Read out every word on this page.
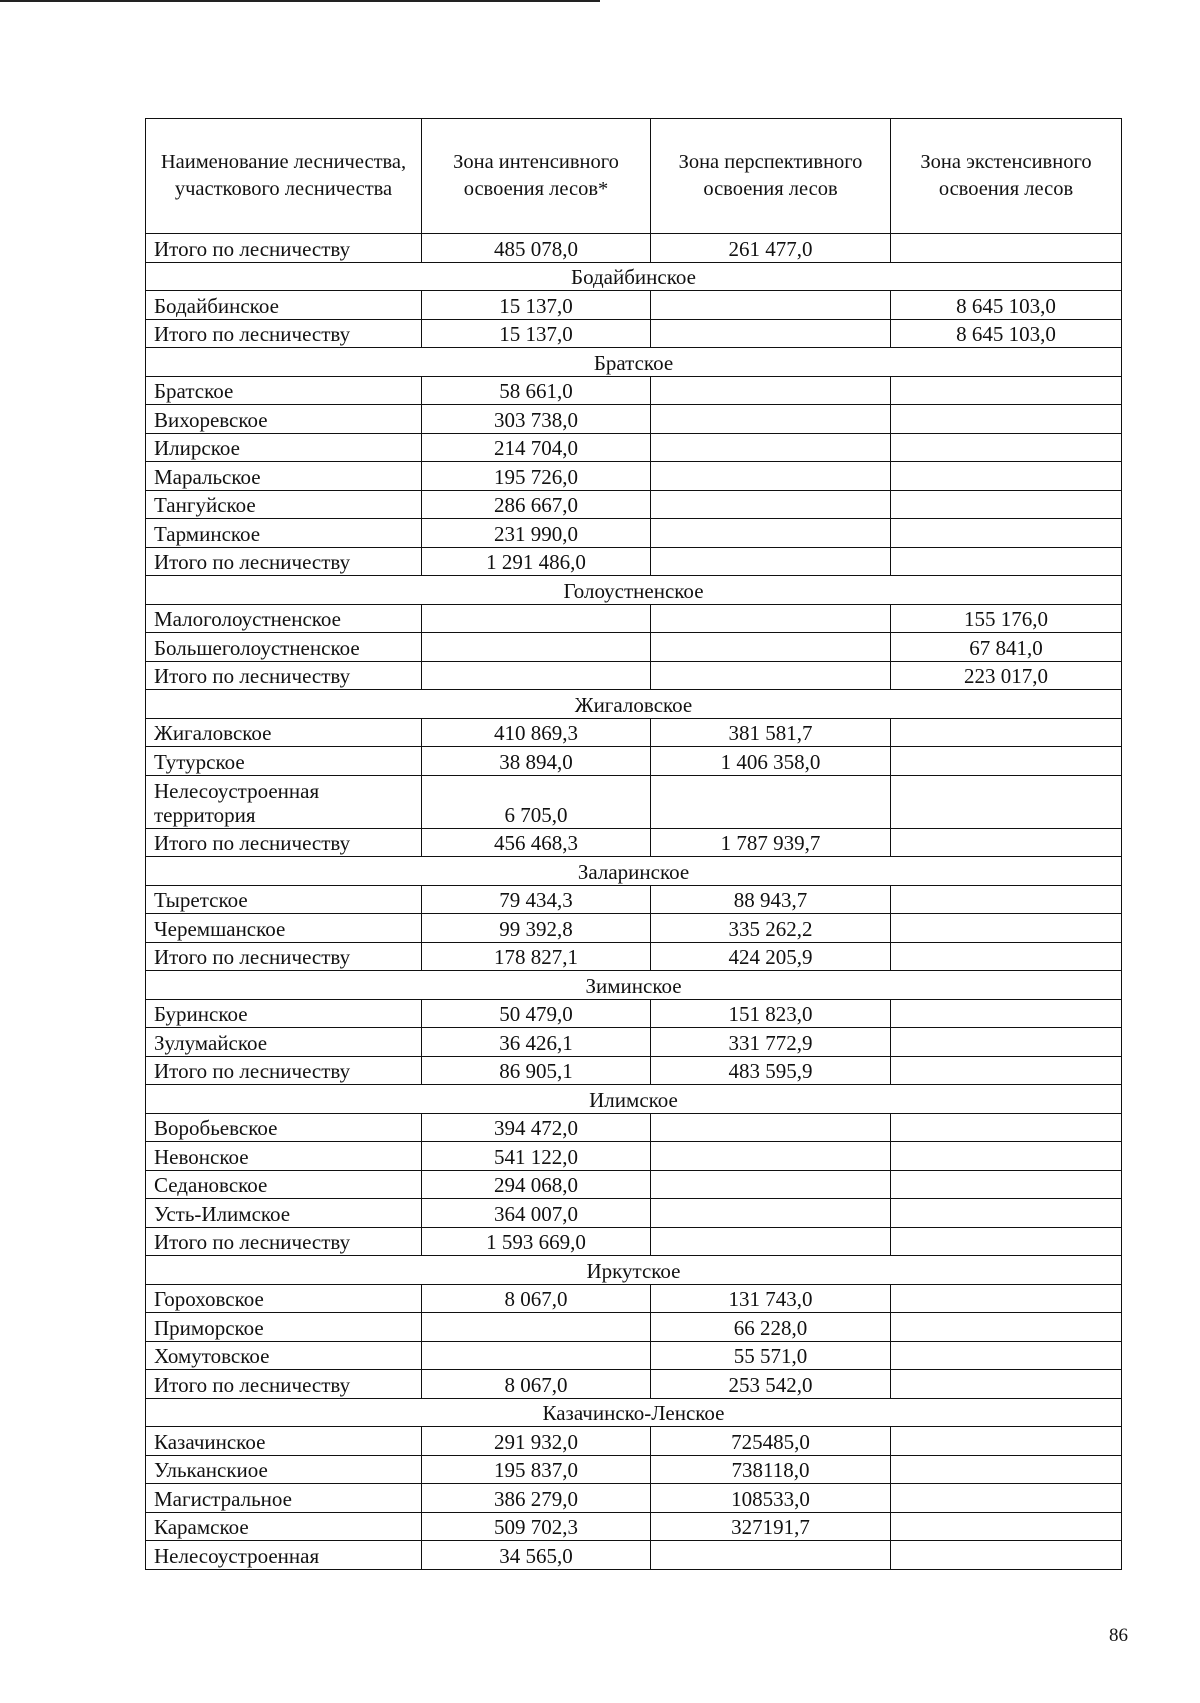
Наименование лесничества, участкового лесничества	Зона интенсивного освоения лесов*	Зона перспективного освоения лесов	Зона экстенсивного освоения лесов
Итого по лесничеству	485 078,0	261 477,0	
Бодайбинское			
Бодайбинское	15 137,0		8 645 103,0
Итого по лесничеству	15 137,0		8 645 103,0
Братское			
Братское	58 661,0		
Вихоревское	303 738,0		
Илирское	214 704,0		
Маральское	195 726,0		
Тангуйское	286 667,0		
Тарминское	231 990,0		
Итого по лесничеству	1 291 486,0		
Голоустненское			
Малоголоустненское			155 176,0
Большеголоустненское			67 841,0
Итого по лесничеству			223 017,0
Жигаловское			
Жигаловское	410 869,3	381 581,7	
Тутурское	38 894,0	1 406 358,0	
Нелесоустроенная территория	6 705,0		
Итого по лесничеству	456 468,3	1 787 939,7	
Заларинское			
Тыретское	79 434,3	88 943,7	
Черемшанское	99 392,8	335 262,2	
Итого по лесничеству	178 827,1	424 205,9	
Зиминское			
Буринское	50 479,0	151 823,0	
Зулумайское	36 426,1	331 772,9	
Итого по лесничеству	86 905,1	483 595,9	
Илимское			
Воробьевское	394 472,0		
Невонское	541 122,0		
Седановское	294 068,0		
Усть-Илимское	364 007,0		
Итого по лесничеству	1 593 669,0		
Иркутское			
Гороховское	8 067,0	131 743,0	
Приморское		66 228,0	
Хомутовское		55 571,0	
Итого по лесничеству	8 067,0	253 542,0	
Казачинско-Ленское			
Казачинское	291 932,0	725485,0	
Ульканскиое	195 837,0	738118,0	
Магистральное	386 279,0	108533,0	
Карамское	509 702,3	327191,7	
Нелесоустроенная	34 565,0		
86
